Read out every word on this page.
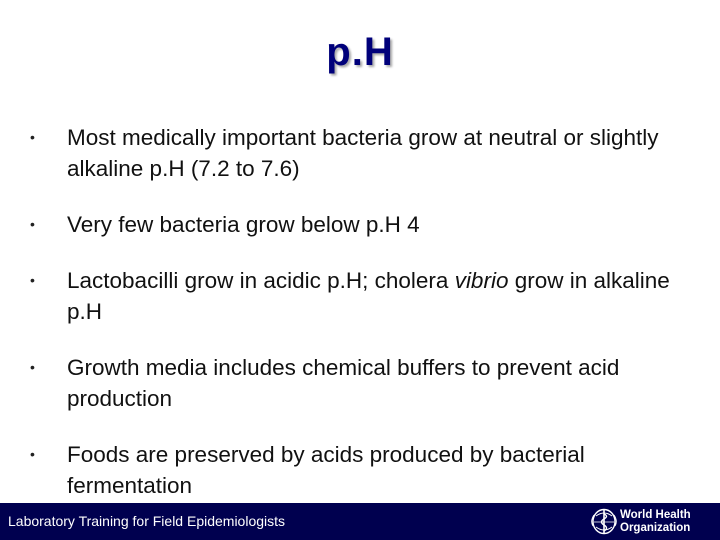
p.H
• Most medically important bacteria grow at neutral or slightly alkaline p.H (7.2 to 7.6)
• Very few bacteria grow below p.H 4
• Lactobacilli grow in acidic p.H; cholera vibrio grow in alkaline p.H
• Growth media includes chemical buffers to prevent acid production
• Foods are preserved by acids produced by bacterial fermentation
Laboratory Training for Field Epidemiologists	World Health
Organization
